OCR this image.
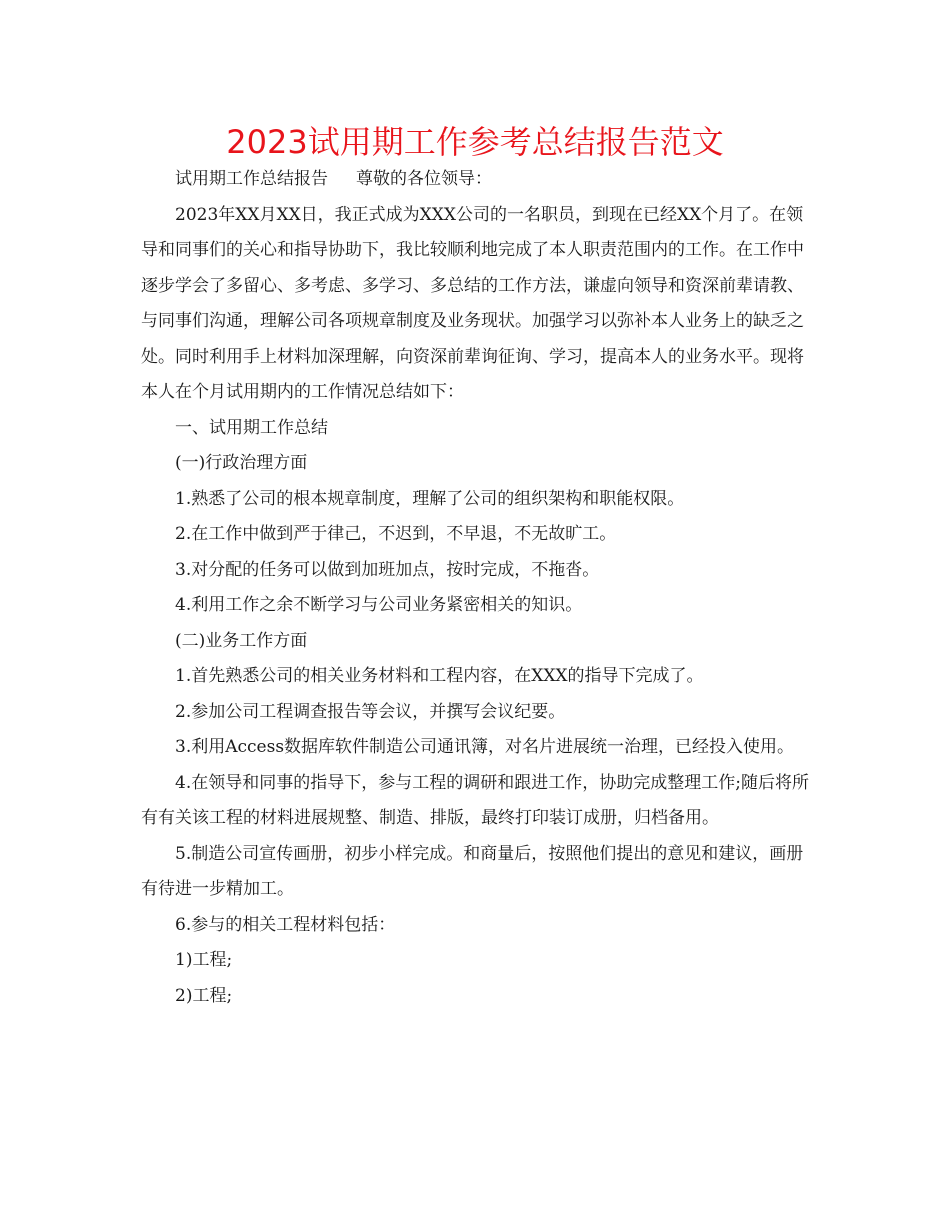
2023试用期工作参考总结报告范文

试用期工作总结报告 尊敬的各位领导：

2023年XX月XX日，我正式成为XXX公司的一名职员，到现在已经XX个月了。在领导和同事们的关心和指导协助下，我比较顺利地完成了本人职责范围内的工作。在工作中逐步学会了多留心、多考虑、多学习、多总结的工作方法，谦虚向领导和资深前辈请教、与同事们沟通，理解公司各项规章制度及业务现状。加强学习以弥补本人业务上的缺乏之处。同时利用手上材料加深理解，向资深前辈询征询、学习，提高本人的业务水平。现将本人在个月试用期内的工作情况总结如下：

一、试用期工作总结

(一)行政治理方面

1.熟悉了公司的根本规章制度，理解了公司的组织架构和职能权限。

2.在工作中做到严于律己，不迟到，不早退，不无故旷工。

3.对分配的任务可以做到加班加点，按时完成，不拖沓。

4.利用工作之余不断学习与公司业务紧密相关的知识。

(二)业务工作方面

1.首先熟悉公司的相关业务材料和工程内容，在XXX的指导下完成了。

2.参加公司工程调查报告等会议，并撰写会议纪要。

3.利用Access数据库软件制造公司通讯簿，对名片进展统一治理，已经投入使用。

4.在领导和同事的指导下，参与工程的调研和跟进工作，协助完成整理工作;随后将所有有关该工程的材料进展规整、制造、排版，最终打印装订成册，归档备用。

5.制造公司宣传画册，初步小样完成。和商量后，按照他们提出的意见和建议，画册有待进一步精加工。

6.参与的相关工程材料包括：

1)工程;

2)工程;
